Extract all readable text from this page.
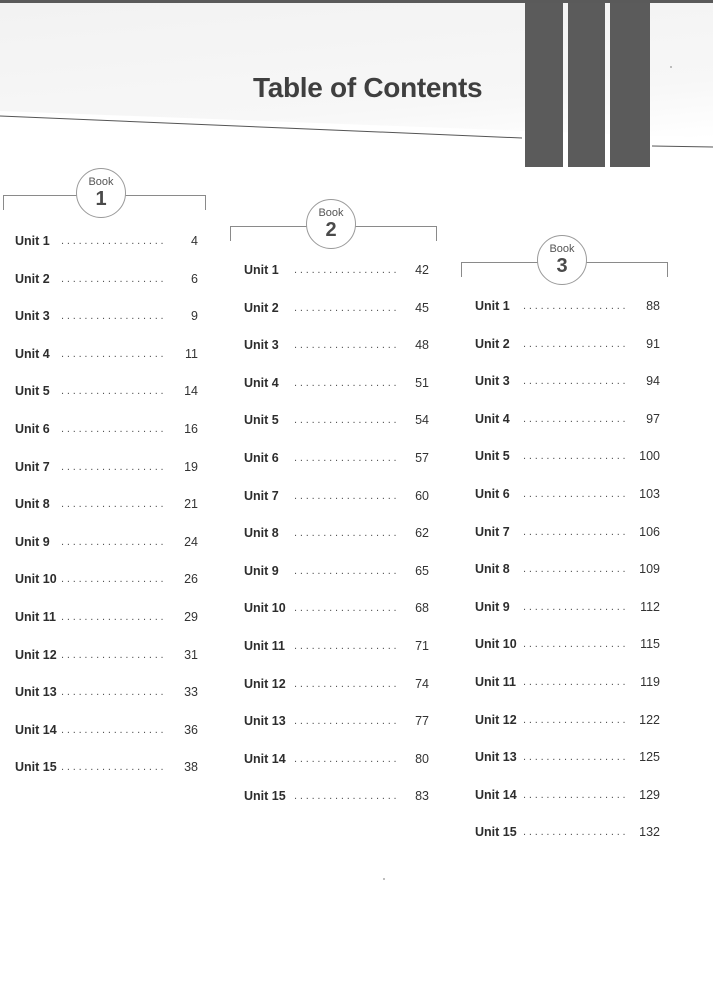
Table of Contents
Book
1
Unit 1	..................	4
Unit 2	..................	6
Unit 3	..................	9
Unit 4	..................	11
Unit 5	..................	14
Unit 6	..................	16
Unit 7	..................	19
Unit 8	..................	21
Unit 9	..................	24
Unit 10 ..................	26
Unit 11 ..................	29
Unit 12 ..................	31
Unit 13 ..................	33
Unit 14 ..................	36
Unit 15 ..................	38
Book
2
Unit 1	..................	42
Unit 2	..................	45
Unit 3	..................	48
Unit 4	..................	51
Unit 5	..................	54
Unit 6	..................	57
Unit 7	..................	60
Unit 8	..................	62
Unit 9	..................	65
Unit 10 ..................	68
Unit 11 ..................	71
Unit 12 ..................	74
Unit 13 ..................	77
Unit 14 ..................	80
Unit 15 ..................	83
Book
3
Unit 1	..................	88
Unit 2	..................	91
Unit 3	..................	94
Unit 4	..................	97
Unit 5	.................. 100
Unit 6	.................. 103
Unit 7	.................. 106
Unit 8	.................. 109
Unit 9	.................. 112
Unit 10 .................. 115
Unit 11 .................. 119
Unit 12 .................. 122
Unit 13 .................. 125
Unit 14 .................. 129
Unit 15 .................. 132
